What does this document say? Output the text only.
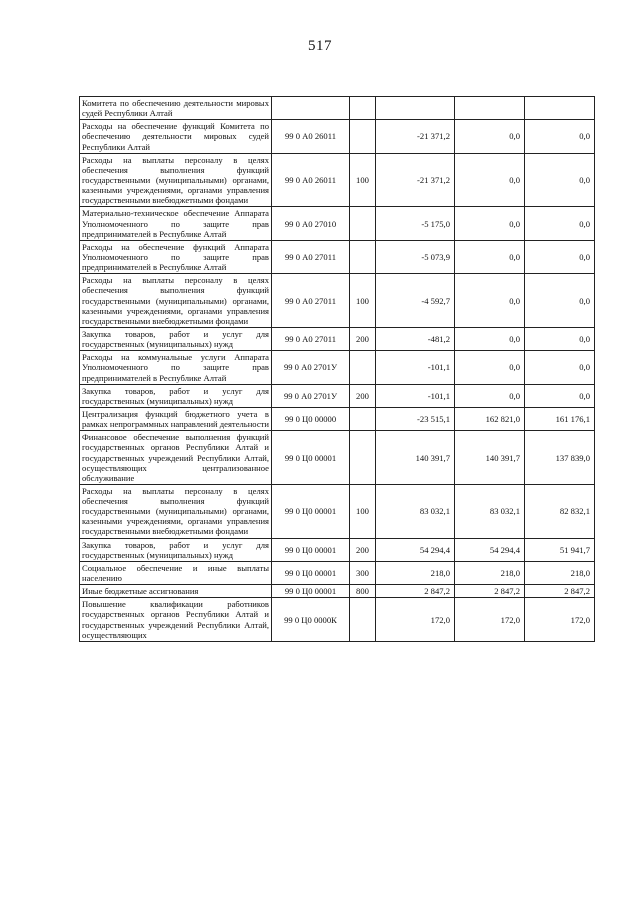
517
Комитета по обеспечению деятельности мировых судей Республики Алтай					
Расходы на обеспечение функций Комитета по обеспечению деятельности мировых судей Республики Алтай	99 0 А0 26011		-21 371,2	0,0	0,0
Расходы на выплаты персоналу в целях обеспечения выполнения функций государственными (муниципальными) органами, казенными учреждениями, органами управления государственными внебюджетными фондами	99 0 А0 26011	100	-21 371,2	0,0	0,0
Материально-техническое обеспечение Аппарата Уполномоченного по защите прав предпринимателей в Республике Алтай	99 0 А0 27010		-5 175,0	0,0	0,0
Расходы на обеспечение функций Аппарата Уполномоченного по защите прав предпринимателей в Республике Алтай	99 0 А0 27011		-5 073,9	0,0	0,0
Расходы на выплаты персоналу в целях обеспечения выполнения функций государственными (муниципальными) органами, казенными учреждениями, органами управления государственными внебюджетными фондами	99 0 А0 27011	100	-4 592,7	0,0	0,0
Закупка товаров, работ и услуг для государственных (муниципальных) нужд	99 0 А0 27011	200	-481,2	0,0	0,0
Расходы на коммунальные услуги Аппарата Уполномоченного по защите прав предпринимателей в Республике Алтай	99 0 А0 2701У		-101,1	0,0	0,0
Закупка товаров, работ и услуг для государственных (муниципальных) нужд	99 0 А0 2701У	200	-101,1	0,0	0,0
Централизация функций бюджетного учета в рамках непрограммных направлений деятельности	99 0 Ц0 00000		-23 515,1	162 821,0	161 176,1
Финансовое обеспечение выполнения функций государственных органов Республики Алтай и государственных учреждений Республики Алтай, осуществляющих централизованное обслуживание	99 0 Ц0 00001		140 391,7	140 391,7	137 839,0
Расходы на выплаты персоналу в целях обеспечения выполнения функций государственными (муниципальными) органами, казенными учреждениями, органами управления государственными внебюджетными фондами	99 0 Ц0 00001	100	83 032,1	83 032,1	82 832,1
Закупка товаров, работ и услуг для государственных (муниципальных) нужд	99 0 Ц0 00001	200	54 294,4	54 294,4	51 941,7
Социальное обеспечение и иные выплаты населению	99 0 Ц0 00001	300	218,0	218,0	218,0
Иные бюджетные ассигнования	99 0 Ц0 00001	800	2 847,2	2 847,2	2 847,2
Повышение квалификации работников государственных органов Республики Алтай и государственных учреждений Республики Алтай, осуществляющих	99 0 Ц0 0000К		172,0	172,0	172,0
